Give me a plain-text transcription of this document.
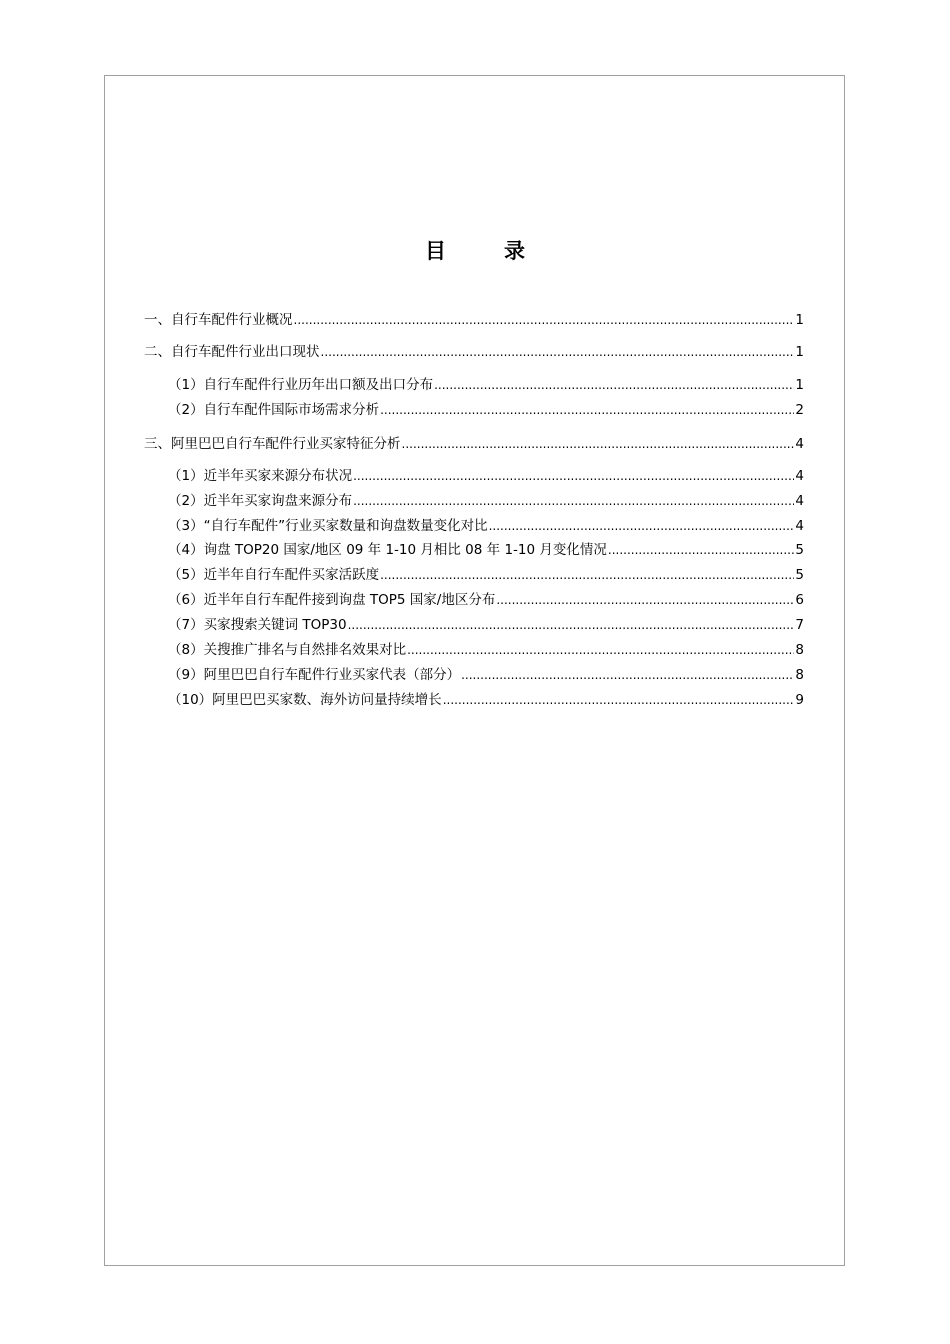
目录
一、自行车配件行业概况 .....	1
二、自行车配件行业出口现状 .....	1
（1）自行车配件行业历年出口额及出口分布 .....	1
（2）自行车配件国际市场需求分析 .....	2
三、阿里巴巴自行车配件行业买家特征分析 .....	4
（1）近半年买家来源分布状况 .....	4
（2）近半年买家询盘来源分布 .....	4
（3）“自行车配件”行业买家数量和询盘数量变化对比 .....	4
（4）询盘 TOP20 国家/地区 09 年 1-10 月相比 08 年 1-10 月变化情况 .....	5
（5）近半年自行车配件买家活跃度 .....	5
（6）近半年自行车配件接到询盘 TOP5 国家/地区分布 .....	6
（7）买家搜索关键词 TOP30 .....	7
（8）关搜推广排名与自然排名效果对比 .....	8
（9）阿里巴巴自行车配件行业买家代表（部分） .....	8
（10）阿里巴巴买家数、海外访问量持续增长 .....	9
